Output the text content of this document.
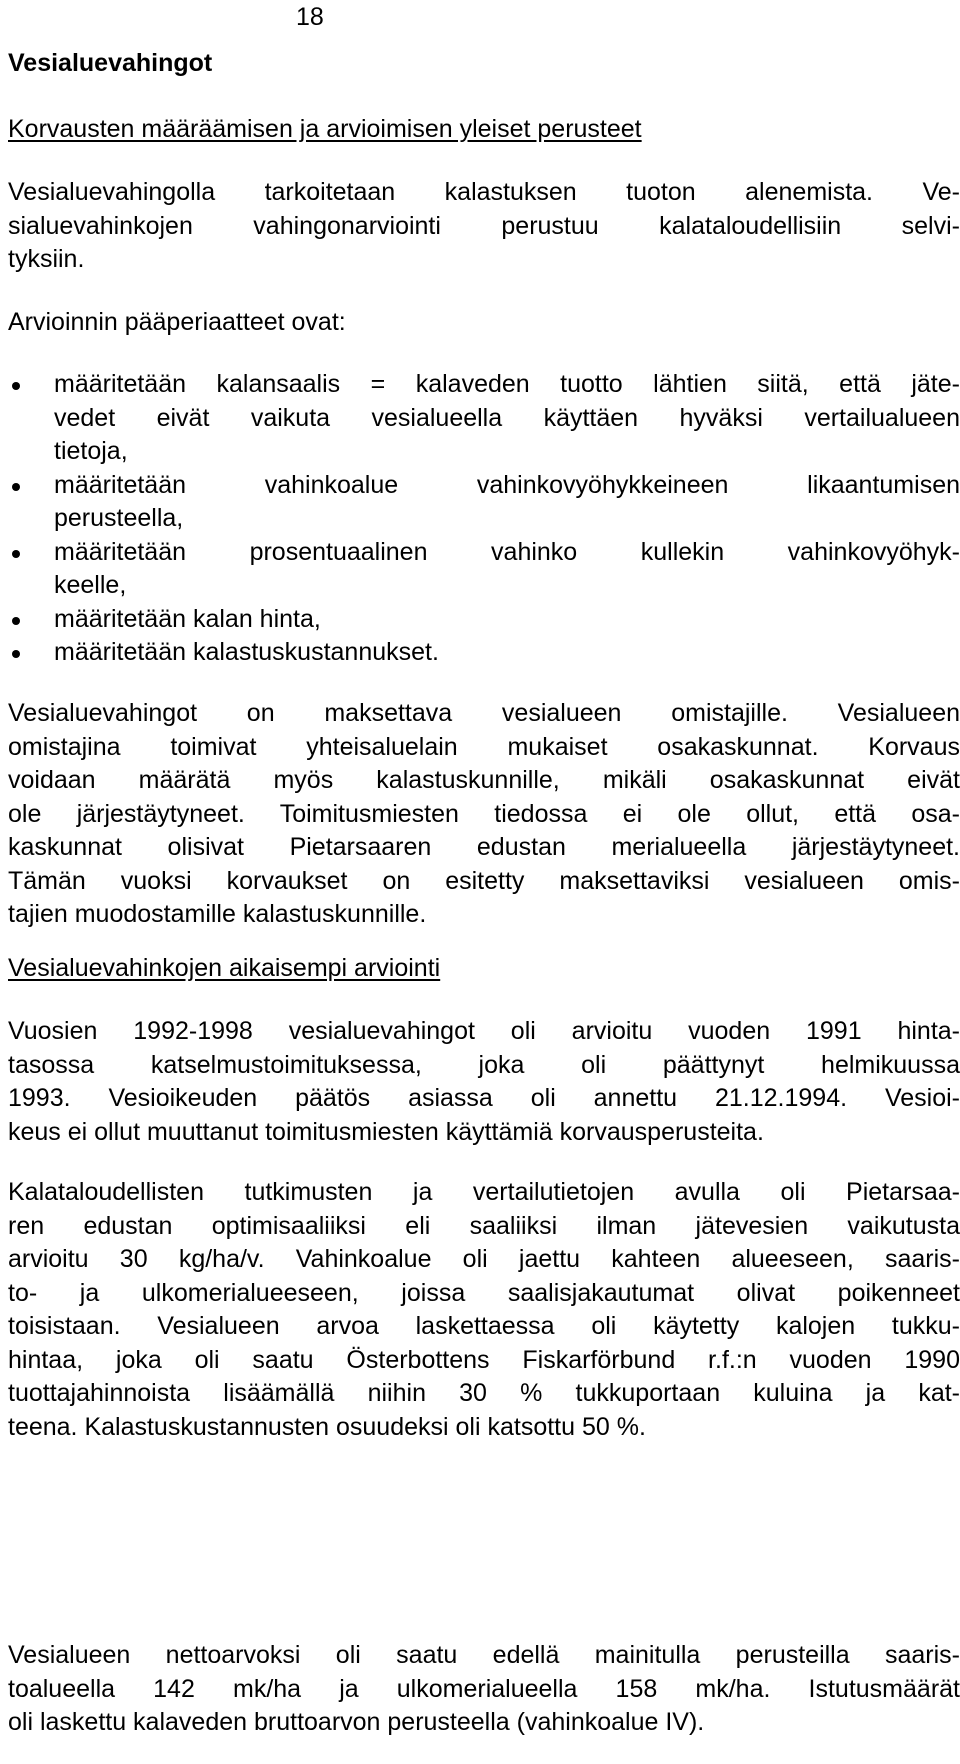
18
Vesialuevahingot
Korvausten määräämisen ja arvioimisen yleiset perusteet
Vesialuevahingolla tarkoitetaan kalastuksen tuoton alenemista. Ve-
sialuevahinkojen vahingonarviointi perustuu kalataloudellisiin selvi-
tyksiin.
Arvioinnin pääperiaatteet ovat:
määritetään kalansaalis = kalaveden tuotto lähtien siitä, että jäte-
vedet eivät vaikuta vesialueella käyttäen hyväksi vertailualueen
tietoja,
määritetään vahinkoalue vahinkovyöhykkeineen likaantumisen
perusteella,
määritetään prosentuaalinen vahinko kullekin vahinkovyöhyk-
keelle,
määritetään kalan hinta,
määritetään kalastuskustannukset.
Vesialuevahingot on maksettava vesialueen omistajille. Vesialueen
omistajina toimivat yhteisaluelain mukaiset osakaskunnat. Korvaus
voidaan määrätä myös kalastuskunnille, mikäli osakaskunnat eivät
ole järjestäytyneet. Toimitusmiesten tiedossa ei ole ollut, että osa-
kaskunnat olisivat Pietarsaaren edustan merialueella järjestäytyneet.
Tämän vuoksi korvaukset on esitetty maksettaviksi vesialueen omis-
tajien muodostamille kalastuskunnille.
Vesialuevahinkojen aikaisempi arviointi
Vuosien 1992-1998 vesialuevahingot oli arvioitu vuoden 1991 hinta-
tasossa katselmustoimituksessa, joka oli päättynyt helmikuussa
1993. Vesioikeuden päätös asiassa oli annettu 21.12.1994. Vesioi-
keus ei ollut muuttanut toimitusmiesten käyttämiä korvausperusteita.
Kalataloudellisten tutkimusten ja vertailutietojen avulla oli Pietarsaa-
ren edustan optimisaaliiksi eli saaliiksi ilman jätevesien vaikutusta
arvioitu 30 kg/ha/v. Vahinkoalue oli jaettu kahteen alueeseen, saaris-
to- ja ulkomerialueeseen, joissa saalisjakautumat olivat poikenneet
toisistaan. Vesialueen arvoa laskettaessa oli käytetty kalojen tukku-
hintaa, joka oli saatu Österbottens Fiskarförbund r.f.:n vuoden 1990
tuottajahinnoista lisäämällä niihin 30 % tukkuportaan kuluina ja kat-
teena. Kalastuskustannusten osuudeksi oli katsottu 50 %.
Vesialueen nettoarvoksi oli saatu edellä mainitulla perusteilla saaris-
toalueella 142 mk/ha ja ulkomerialueella 158 mk/ha. Istutusmäärät
oli laskettu kalaveden bruttoarvon perusteella (vahinkoalue IV).
